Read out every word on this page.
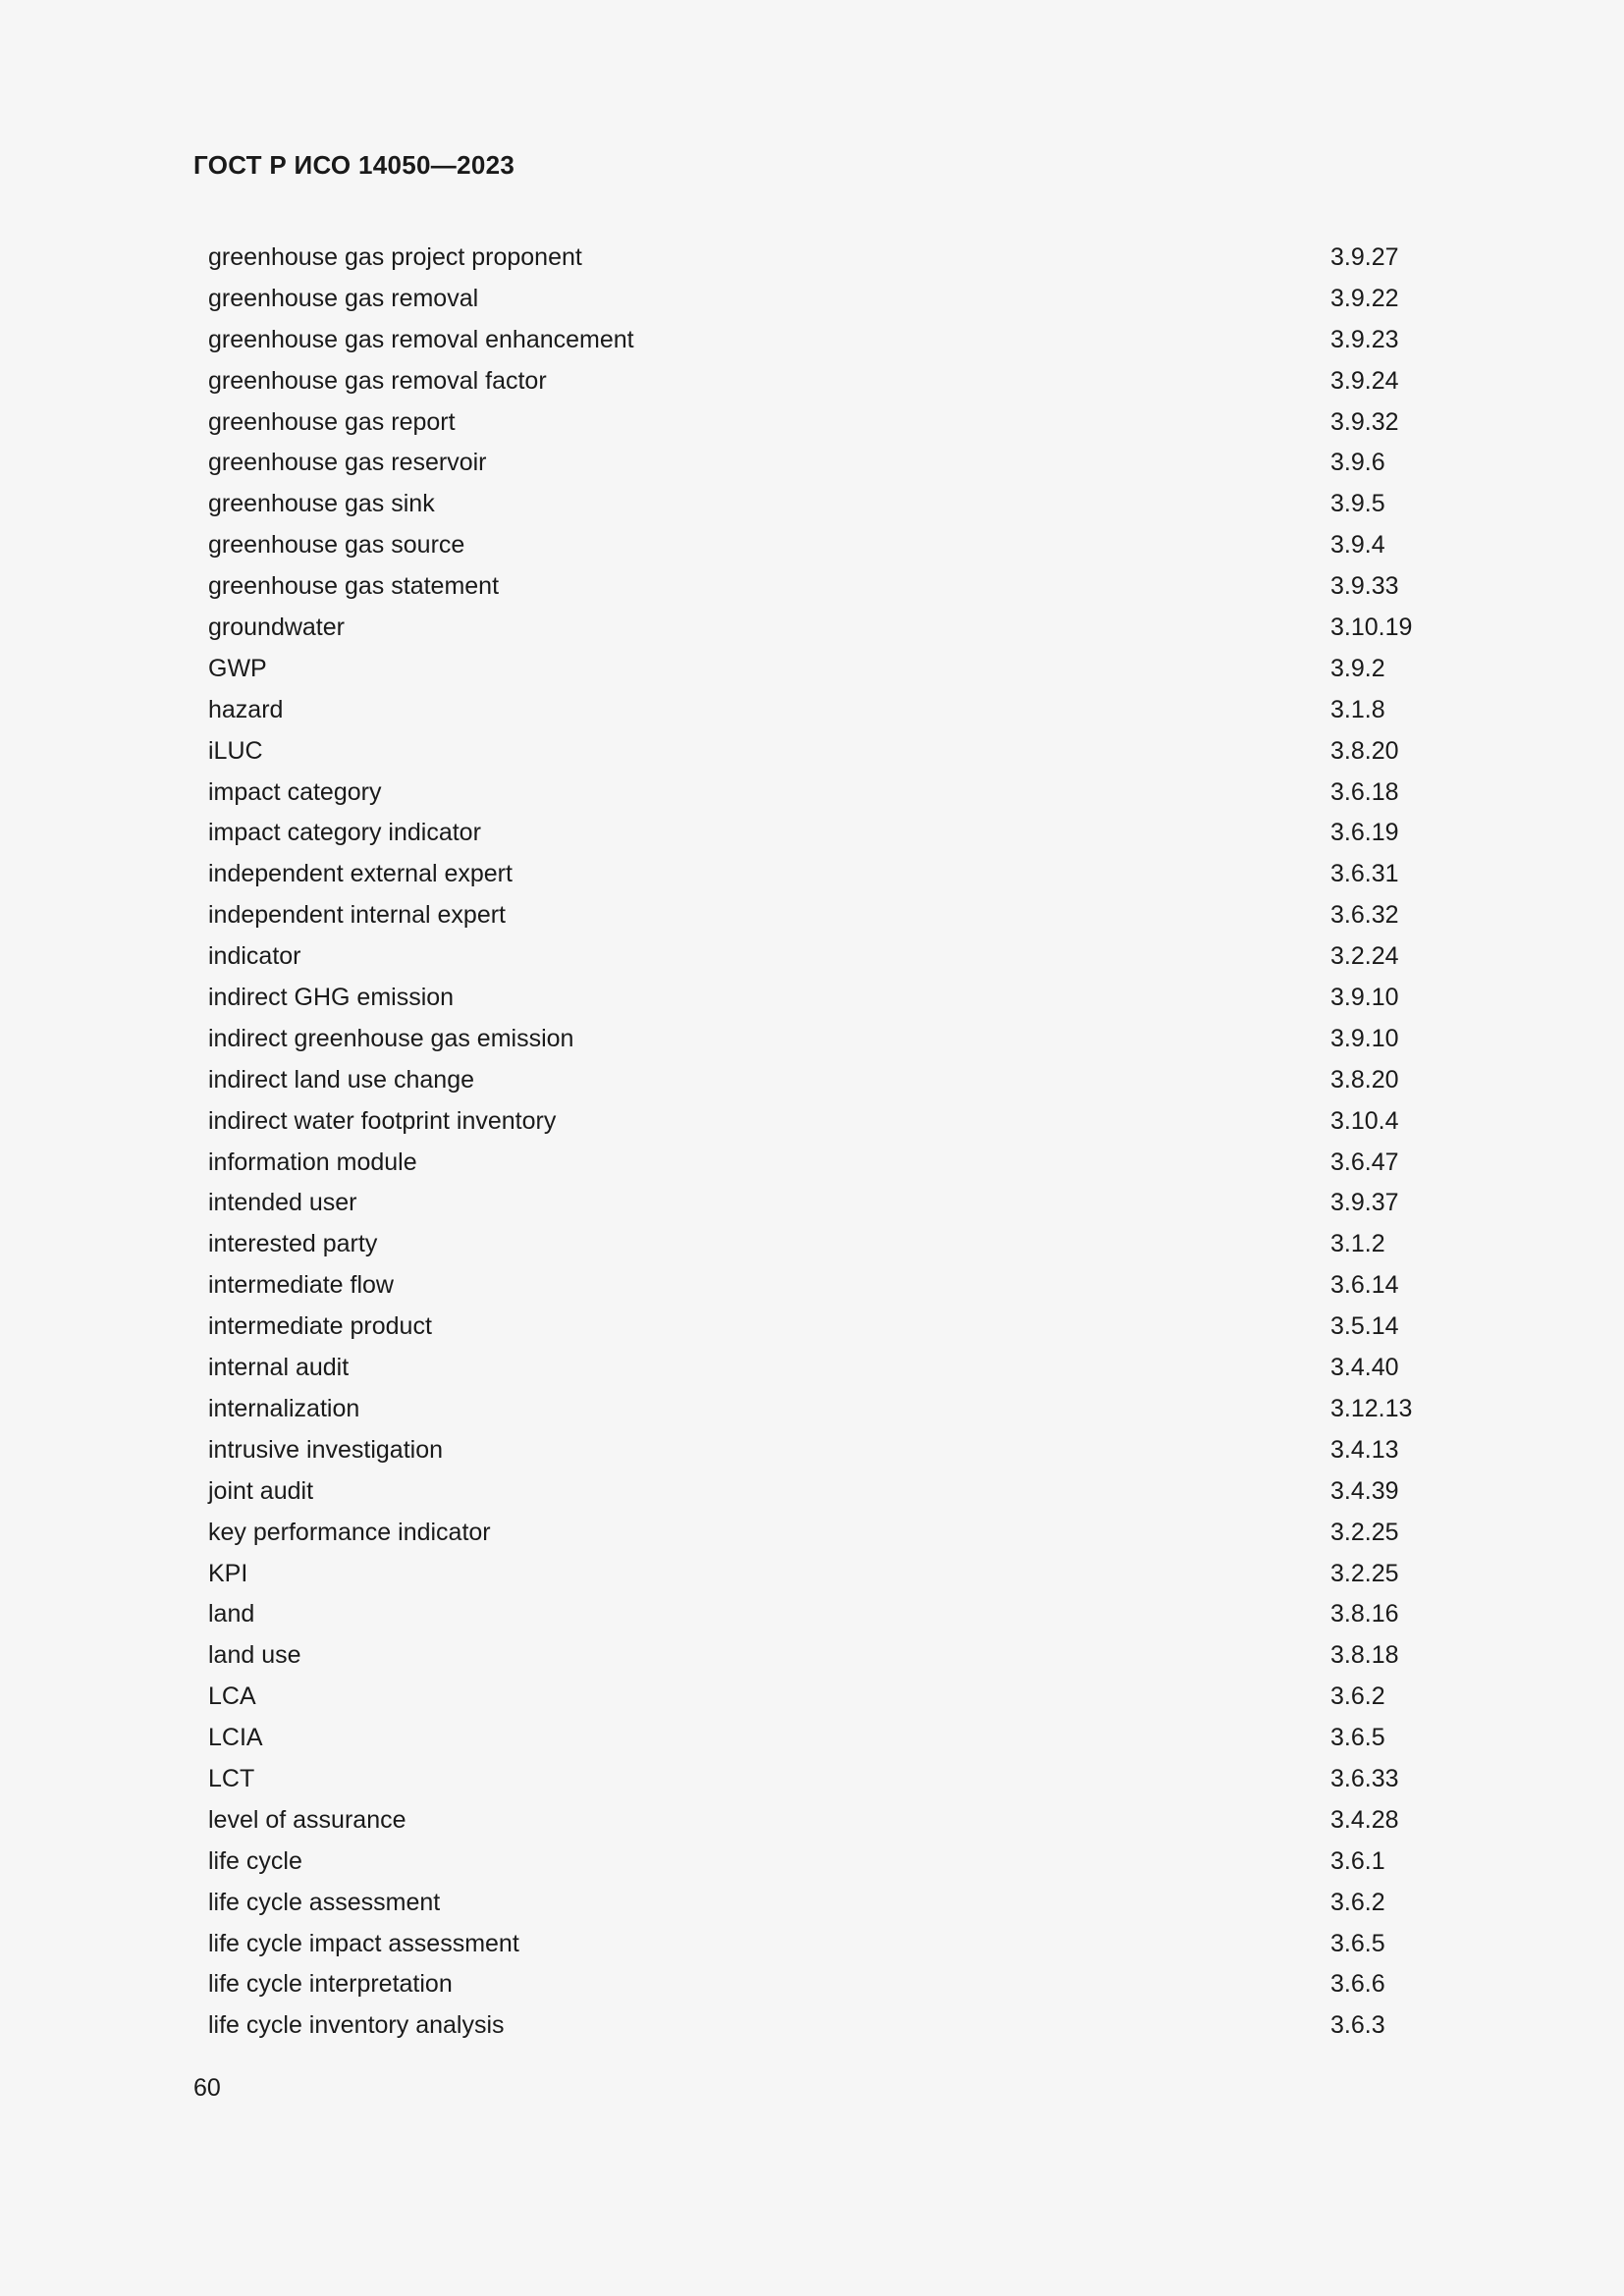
ГОСТ Р ИСО 14050—2023
greenhouse gas project proponent	3.9.27
greenhouse gas removal	3.9.22
greenhouse gas removal enhancement	3.9.23
greenhouse gas removal factor	3.9.24
greenhouse gas report	3.9.32
greenhouse gas reservoir	3.9.6
greenhouse gas sink	3.9.5
greenhouse gas source	3.9.4
greenhouse gas statement	3.9.33
groundwater	3.10.19
GWP	3.9.2
hazard	3.1.8
iLUC	3.8.20
impact category	3.6.18
impact category indicator	3.6.19
independent external expert	3.6.31
independent internal expert	3.6.32
indicator	3.2.24
indirect GHG emission	3.9.10
indirect greenhouse gas emission	3.9.10
indirect land use change	3.8.20
indirect water footprint inventory	3.10.4
information module	3.6.47
intended user	3.9.37
interested party	3.1.2
intermediate flow	3.6.14
intermediate product	3.5.14
internal audit	3.4.40
internalization	3.12.13
intrusive investigation	3.4.13
joint audit	3.4.39
key performance indicator	3.2.25
KPI	3.2.25
land	3.8.16
land use	3.8.18
LCA	3.6.2
LCIA	3.6.5
LCT	3.6.33
level of assurance	3.4.28
life cycle	3.6.1
life cycle assessment	3.6.2
life cycle impact assessment	3.6.5
life cycle interpretation	3.6.6
life cycle inventory analysis	3.6.3
60
